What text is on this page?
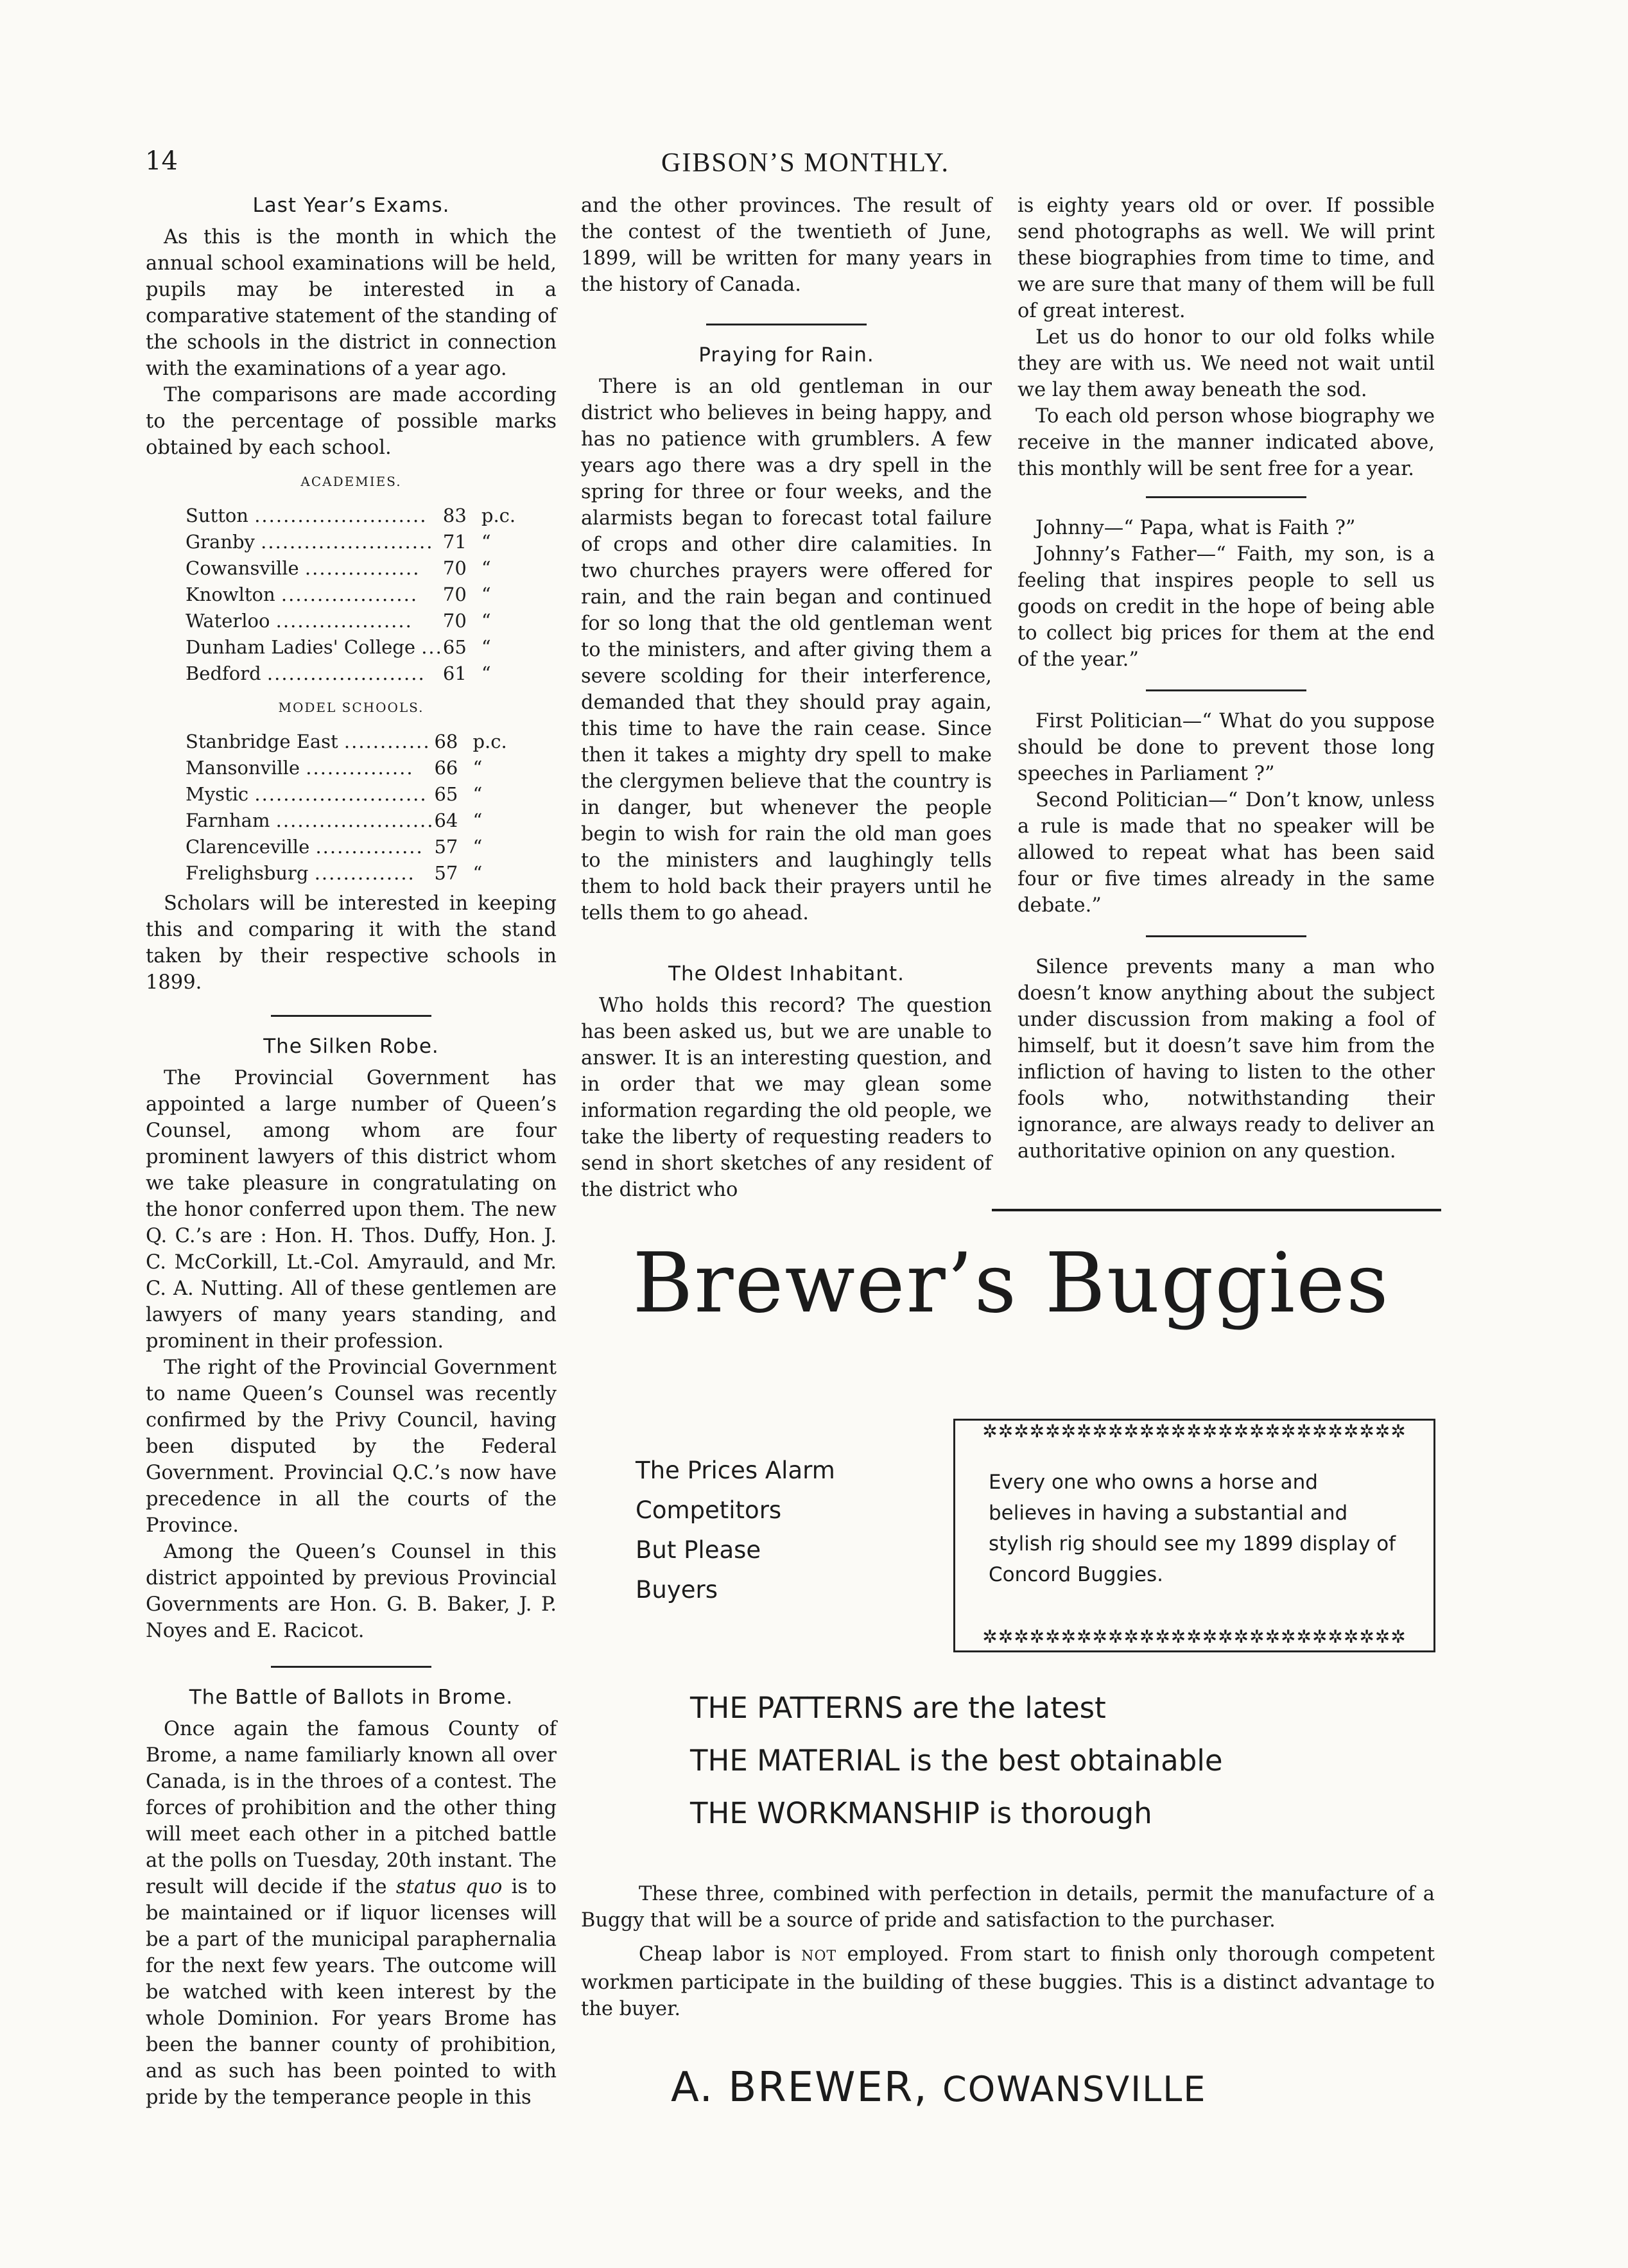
14	GIBSON’S MONTHLY.
Last Year’s Exams.

As this is the month in which the annual school examinations will be held, pupils may be interested in a comparative statement of the standing of the schools in the district in connection with the examinations of a year ago.

The comparisons are made according to the percentage of possible marks obtained by each school.

ACADEMIES.
Sutton ........................	83	p.c.
Granby ........................	71	“
Cowansville ................	70	“
Knowlton ...................	70	“
Waterloo ...................	70	“
Dunham Ladies' College ...	65	“
Bedford ......................	61	“
MODEL SCHOOLS.
Stanbridge East ............	68	p.c.
Mansonville ...............	66	“
Mystic ........................	65	“
Farnham ......................	64	“
Clarenceville ...............	57	“
Frelighsburg ..............	57	“

Scholars will be interested in keeping this and comparing it with the stand taken by their respective schools in 1899.

The Silken Robe.

The Provincial Government has appointed a large number of Queen’s Counsel, among whom are four prominent lawyers of this district whom we take pleasure in congratulating on the honor conferred upon them. The new Q. C.’s are : Hon. H. Thos. Duffy, Hon. J. C. McCorkill, Lt.-Col. Amyrauld, and Mr. C. A. Nutting. All of these gentlemen are lawyers of many years standing, and prominent in their profession.

The right of the Provincial Government to name Queen’s Counsel was recently confirmed by the Privy Council, having been disputed by the Federal Government. Provincial Q.C.’s now have precedence in all the courts of the Province.

Among the Queen’s Counsel in this district appointed by previous Provincial Governments are Hon. G. B. Baker, J. P. Noyes and E. Racicot.

The Battle of Ballots in Brome.

Once again the famous County of Brome, a name familiarly known all over Canada, is in the throes of a contest. The forces of prohibition and the other thing will meet each other in a pitched battle at the polls on Tuesday, 20th instant. The result will decide if the status quo is to be maintained or if liquor licenses will be a part of the municipal paraphernalia for the next few years. The outcome will be watched with keen interest by the whole Dominion. For years Brome has been the banner county of prohibition, and as such has been pointed to with pride by the temperance people in this

and the other provinces. The result of the contest of the twentieth of June, 1899, will be written for many years in the history of Canada.

Praying for Rain.

There is an old gentleman in our district who believes in being happy, and has no patience with grumblers. A few years ago there was a dry spell in the spring for three or four weeks, and the alarmists began to forecast total failure of crops and other dire calamities. In two churches prayers were offered for rain, and the rain began and continued for so long that the old gentleman went to the ministers, and after giving them a severe scolding for their interference, demanded that they should pray again, this time to have the rain cease. Since then it takes a mighty dry spell to make the clergymen believe that the country is in danger, but whenever the people begin to wish for rain the old man goes to the ministers and laughingly tells them to hold back their prayers until he tells them to go ahead.

The Oldest Inhabitant.

Who holds this record? The question has been asked us, but we are unable to answer. It is an interesting question, and in order that we may glean some information regarding the old people, we take the liberty of requesting readers to send in short sketches of any resident of the district who

is eighty years old or over. If possible send photographs as well. We will print these biographies from time to time, and we are sure that many of them will be full of great interest.

Let us do honor to our old folks while they are with us. We need not wait until we lay them away beneath the sod.

To each old person whose biography we receive in the manner indicated above, this monthly will be sent free for a year.

Johnny—“ Papa, what is Faith ?”

Johnny’s Father—“ Faith, my son, is a feeling that inspires people to sell us goods on credit in the hope of being able to collect big prices for them at the end of the year.”

First Politician—“ What do you suppose should be done to prevent those long speeches in Parliament ?”

Second Politician—“ Don’t know, unless a rule is made that no speaker will be allowed to repeat what has been said four or five times already in the same debate.”

Silence prevents many a man who doesn’t know anything about the subject under discussion from making a fool of himself, but it doesn’t save him from the infliction of having to listen to the other fools who, notwithstanding their ignorance, are always ready to deliver an authoritative opinion on any question.

Brewer’s Buggies
The Prices Alarm
Competitors
But Please
Buyers
✲✲✲✲✲✲✲✲✲✲✲✲✲✲✲✲✲✲✲✲✲✲✲✲✲✲✲
Every one who owns a horse and believes in having a substantial and stylish rig should see my 1899 display of Concord Buggies.
✲✲✲✲✲✲✲✲✲✲✲✲✲✲✲✲✲✲✲✲✲✲✲✲✲✲✲
THE PATTERNS are the latest
THE MATERIAL is the best obtainable
THE WORKMANSHIP is thorough

These three, combined with perfection in details, permit the manufacture of a Buggy that will be a source of pride and satisfaction to the purchaser.

Cheap labor is NOT employed. From start to finish only thorough competent workmen participate in the building of these buggies. This is a distinct advantage to the buyer.

A. BREWER, COWANSVILLE
